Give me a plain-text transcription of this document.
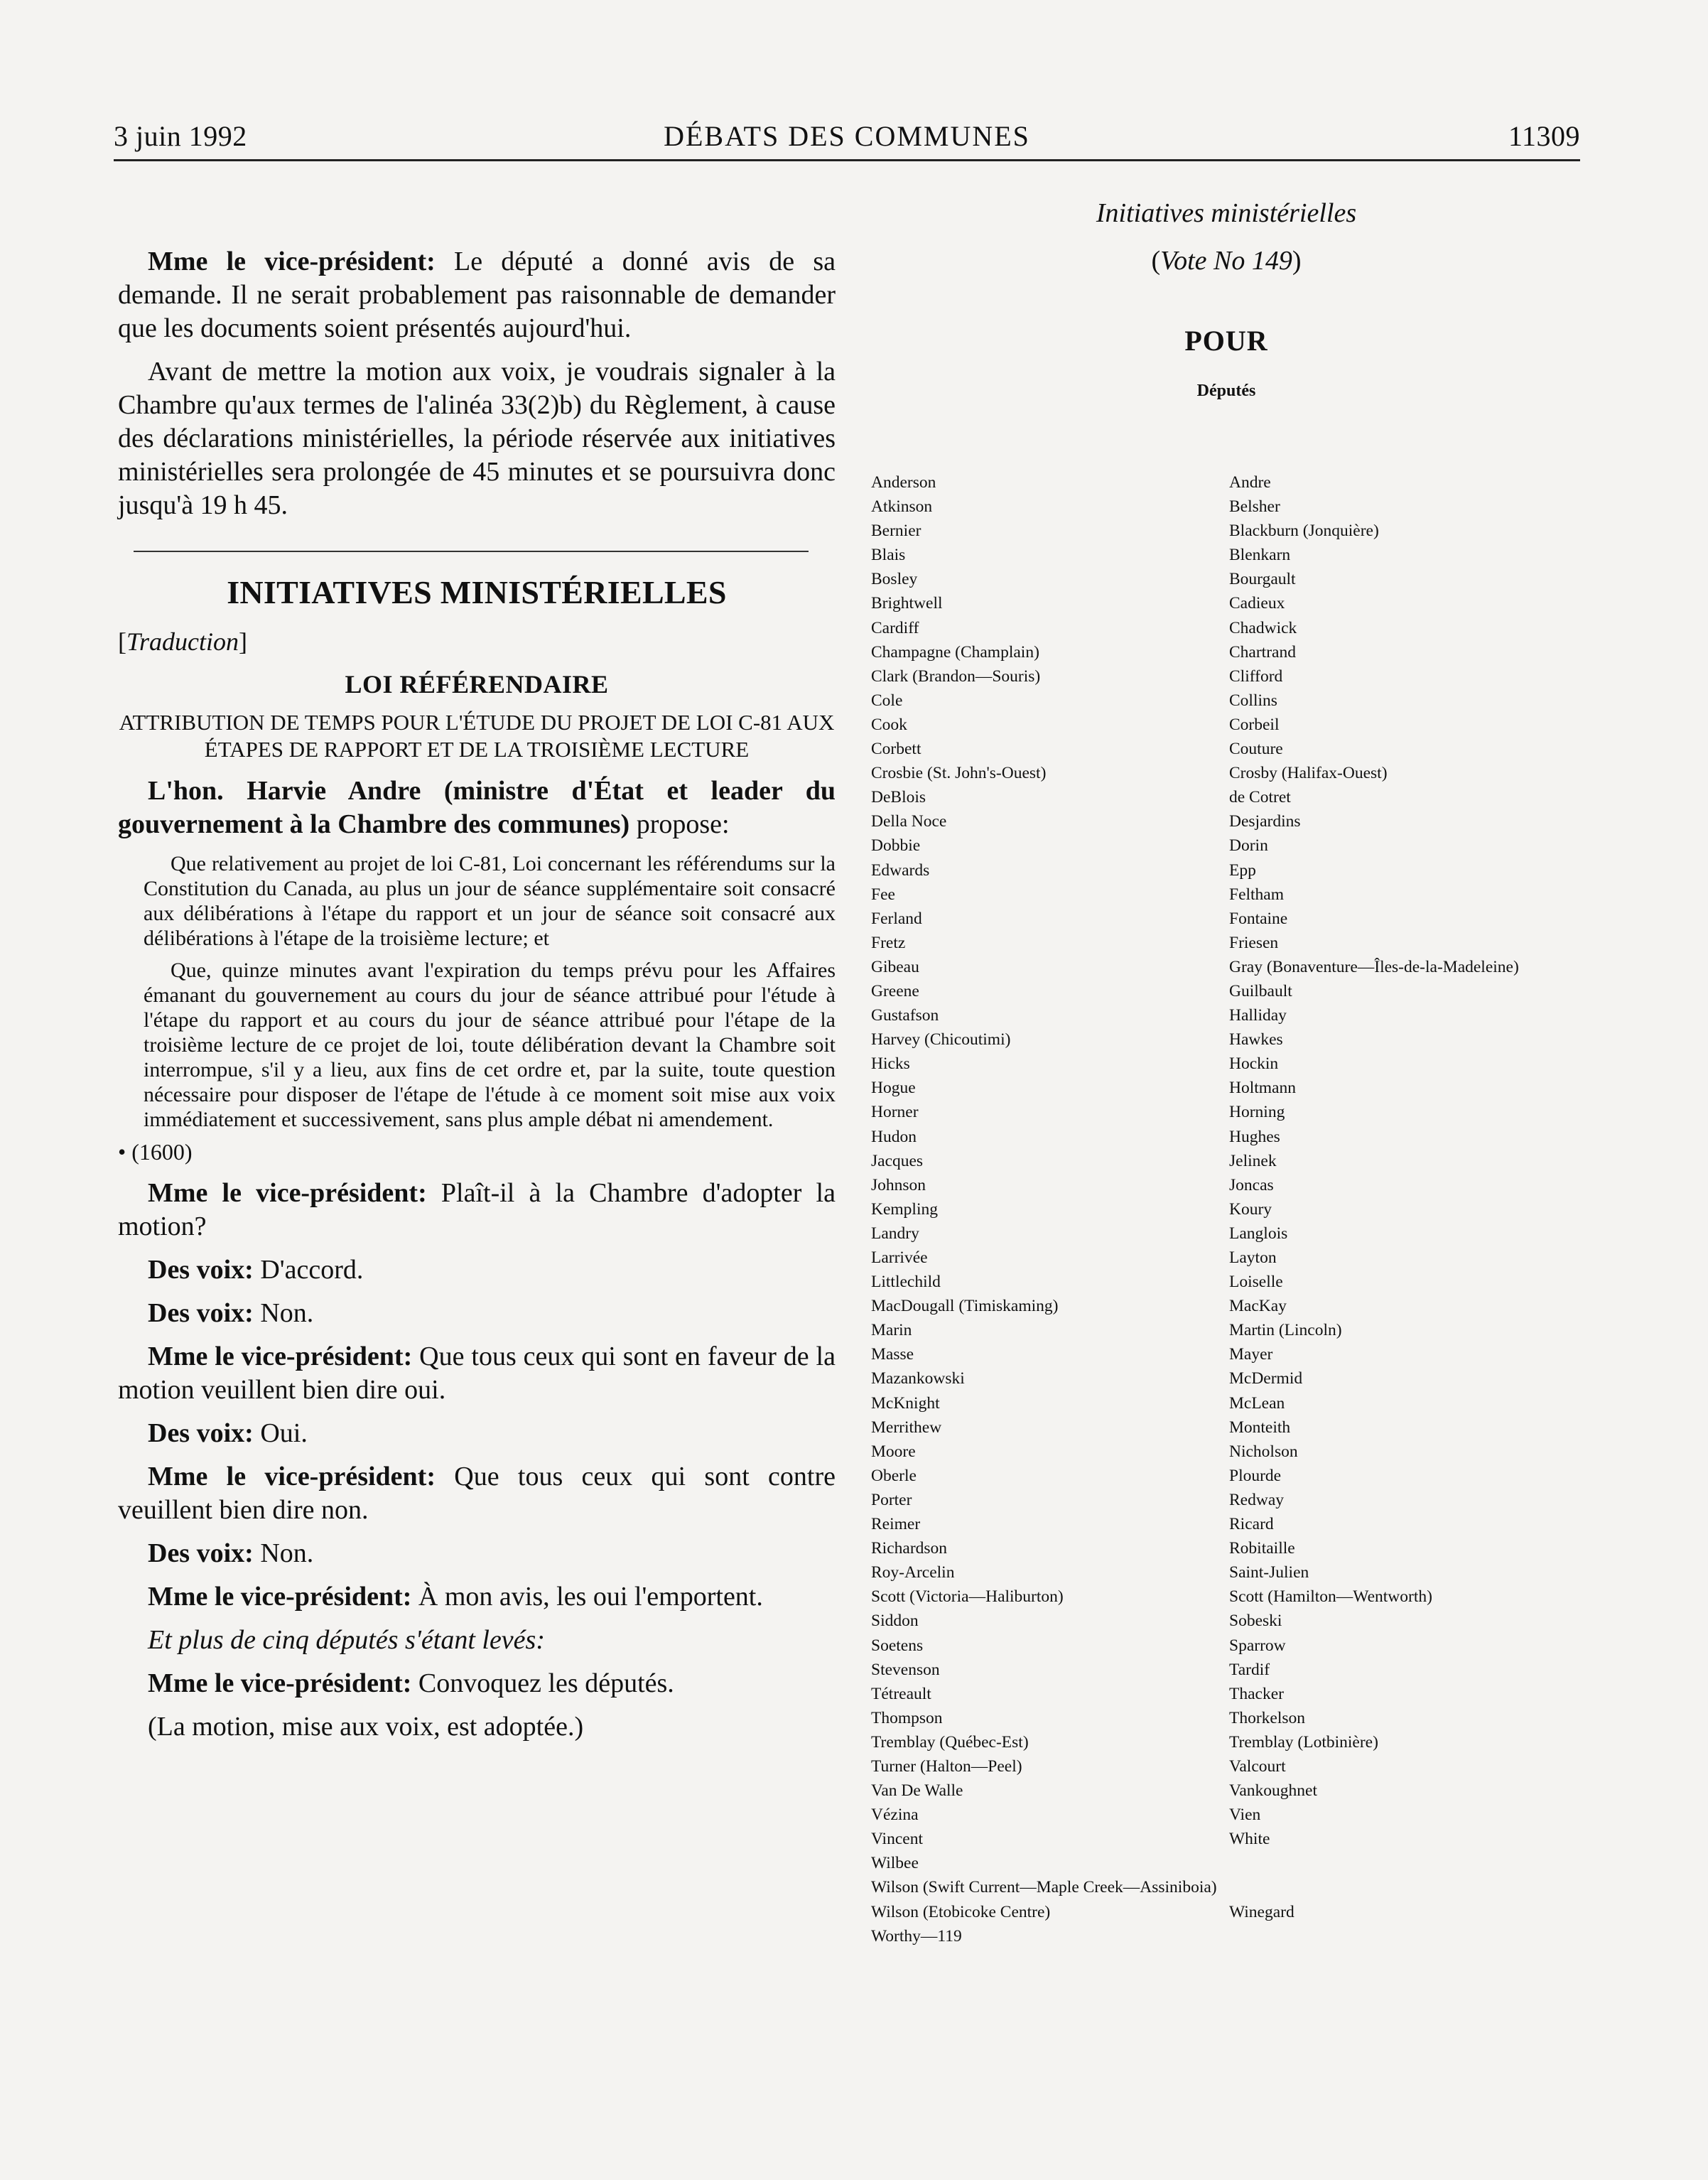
3 juin 1992	DÉBATS DES COMMUNES	11309

Mme le vice-président: Le député a donné avis de sa demande. Il ne serait probablement pas raisonnable de demander que les documents soient présentés aujourd'hui.

Avant de mettre la motion aux voix, je voudrais signaler à la Chambre qu'aux termes de l'alinéa 33(2)b) du Règlement, à cause des déclarations ministérielles, la période réservée aux initiatives ministérielles sera prolongée de 45 minutes et se poursuivra donc jusqu'à 19 h 45.

INITIATIVES MINISTÉRIELLES
[Traduction]
LOI RÉFÉRENDAIRE
ATTRIBUTION DE TEMPS POUR L'ÉTUDE DU PROJET DE LOI C-81 AUX ÉTAPES DE RAPPORT ET DE LA TROISIÈME LECTURE

L'hon. Harvie Andre (ministre d'État et leader du gouvernement à la Chambre des communes) propose:

Que relativement au projet de loi C-81, Loi concernant les référendums sur la Constitution du Canada, au plus un jour de séance supplémentaire soit consacré aux délibérations à l'étape du rapport et un jour de séance soit consacré aux délibérations à l'étape de la troisième lecture; et

Que, quinze minutes avant l'expiration du temps prévu pour les Affaires émanant du gouvernement au cours du jour de séance attribué pour l'étude à l'étape du rapport et au cours du jour de séance attribué pour l'étape de la troisième lecture de ce projet de loi, toute délibération devant la Chambre soit interrompue, s'il y a lieu, aux fins de cet ordre et, par la suite, toute question nécessaire pour disposer de l'étape de l'étude à ce moment soit mise aux voix immédiatement et successivement, sans plus ample débat ni amendement.

• (1600)

Mme le vice-président: Plaît-il à la Chambre d'adopter la motion?

Des voix: D'accord.

Des voix: Non.

Mme le vice-président: Que tous ceux qui sont en faveur de la motion veuillent bien dire oui.

Des voix: Oui.

Mme le vice-président: Que tous ceux qui sont contre veuillent bien dire non.

Des voix: Non.

Mme le vice-président: À mon avis, les oui l'emportent.

Et plus de cinq députés s'étant levés:

Mme le vice-président: Convoquez les députés.

(La motion, mise aux voix, est adoptée.)

Initiatives ministérielles

(Vote No 149)

POUR
Députés
Anderson
Atkinson
Bernier
Blais
Bosley
Brightwell
Cardiff
Champagne (Champlain)
Clark (Brandon—Souris)
Cole
Cook
Corbett
Crosbie (St. John's-Ouest)
DeBlois
Della Noce
Dobbie
Edwards
Fee
Ferland
Fretz
Gibeau
Greene
Gustafson
Harvey (Chicoutimi)
Hicks
Hogue
Horner
Hudon
Jacques
Johnson
Kempling
Landry
Larrivée
Littlechild
MacDougall (Timiskaming)
Marin
Masse
Mazankowski
McKnight
Merrithew
Moore
Oberle
Porter
Reimer
Richardson
Roy-Arcelin
Scott (Victoria—Haliburton)
Siddon
Soetens
Stevenson
Tétreault
Thompson
Tremblay (Québec-Est)
Turner (Halton—Peel)
Van De Walle
Vézina
Vincent
Wilbee
Wilson (Swift Current—Maple Creek—Assiniboia)
Wilson (Etobicoke Centre)
Worthy—119
Andre
Belsher
Blackburn (Jonquière)
Blenkarn
Bourgault
Cadieux
Chadwick
Chartrand
Clifford
Collins
Corbeil
Couture
Crosby (Halifax-Ouest)
de Cotret
Desjardins
Dorin
Epp
Feltham
Fontaine
Friesen
Gray (Bonaventure—Îles-de-la-Madeleine)
Guilbault
Halliday
Hawkes
Hockin
Holtmann
Horning
Hughes
Jelinek
Joncas
Koury
Langlois
Layton
Loiselle
MacKay
Martin (Lincoln)
Mayer
McDermid
McLean
Monteith
Nicholson
Plourde
Redway
Ricard
Robitaille
Saint-Julien
Scott (Hamilton—Wentworth)
Sobeski
Sparrow
Tardif
Thacker
Thorkelson
Tremblay (Lotbinière)
Valcourt
Vankoughnet
Vien
White
Winegard
